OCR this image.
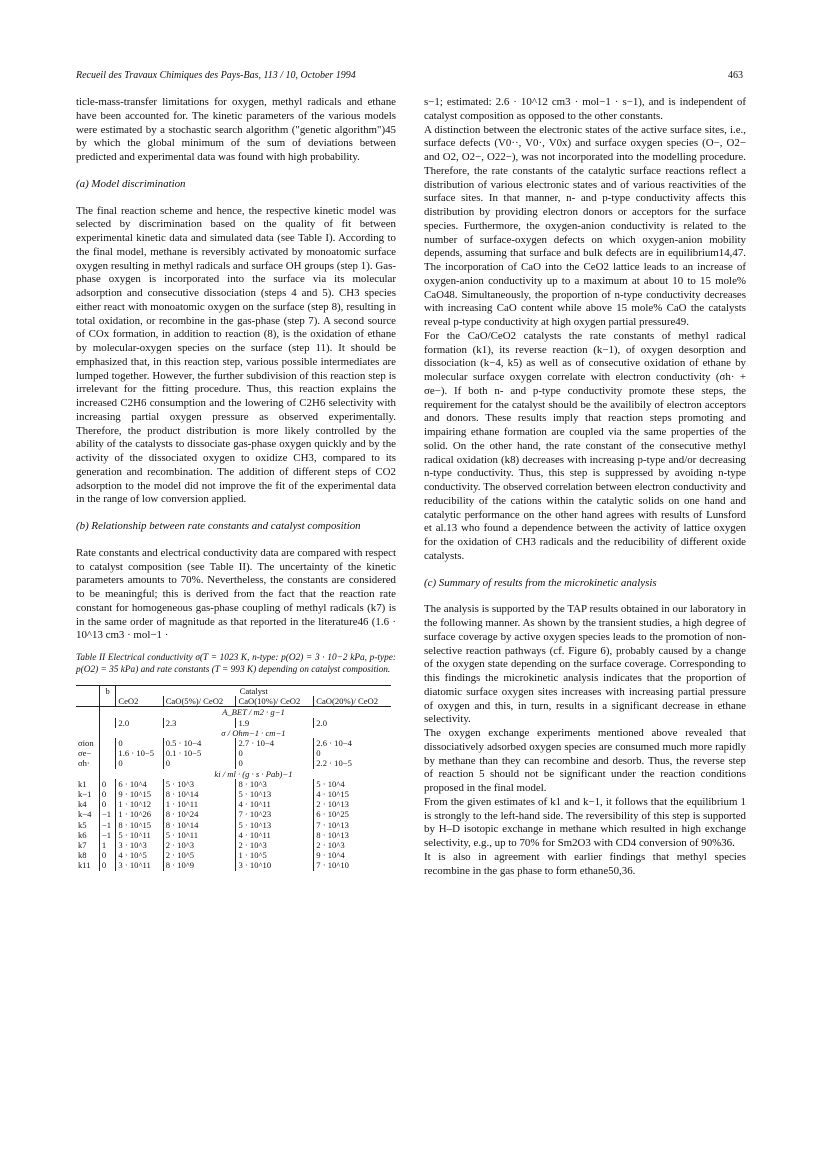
Recueil des Travaux Chimiques des Pays-Bas, 113 / 10, October 1994	463

ticle-mass-transfer limitations for oxygen, methyl radicals and ethane have been accounted for. The kinetic parameters of the various models were estimated by a stochastic search algorithm ("genetic algorithm")45 by which the global minimum of the sum of deviations between predicted and experimental data was found with high probability.

(a) Model discrimination

The final reaction scheme and hence, the respective kinetic model was selected by discrimination based on the quality of fit between experimental kinetic data and simulated data (see Table I). According to the final model, methane is reversibly activated by monoatomic surface oxygen resulting in methyl radicals and surface OH groups (step 1). Gas-phase oxygen is incorporated into the surface via its molecular adsorption and consecutive dissociation (steps 4 and 5). CH3 species either react with monoatomic oxygen on the surface (step 8), resulting in total oxidation, or recombine in the gas-phase (step 7). A second source of COx formation, in addition to reaction (8), is the oxidation of ethane by molecular-oxygen species on the surface (step 11). It should be emphasized that, in this reaction step, various possible intermediates are lumped together. However, the further subdivision of this reaction step is irrelevant for the fitting procedure. Thus, this reaction explains the increased C2H6 consumption and the lowering of C2H6 selectivity with increasing partial oxygen pressure as observed experimentally. Therefore, the product distribution is more likely controlled by the ability of the catalysts to dissociate gas-phase oxygen quickly and by the activity of the dissociated oxygen to oxidize CH3, compared to its generation and recombination. The addition of different steps of CO2 adsorption to the model did not improve the fit of the experimental data in the range of low conversion applied.

(b) Relationship between rate constants and catalyst composition

Rate constants and electrical conductivity data are compared with respect to catalyst composition (see Table II). The uncertainty of the kinetic parameters amounts to 70%. Nevertheless, the constants are considered to be meaningful; this is derived from the fact that the reaction rate constant for homogeneous gas-phase coupling of methyl radicals (k7) is in the same order of magnitude as that reported in the literature46 (1.6 · 10^13 cm3 · mol−1 ·

Table II Electrical conductivity σ(T = 1023 K, n-type: p(O2) = 3 · 10−2 kPa, p-type: p(O2) = 35 kPa) and rate constants (T = 993 K) depending on catalyst composition.

	b	Catalyst			
		CeO2	CaO(5%)/ CeO2	CaO(10%)/ CeO2	CaO(20%)/ CeO2
		A_BET / m2 · g−1			
		2.0	2.3	1.9	2.0
		σ / Ohm−1 · cm−1			
σion		0	0.5 · 10−4	2.7 · 10−4	2.6 · 10−4
σe−		1.6 · 10−5	0.1 · 10−5	0	0
σh·		0	0	0	2.2 · 10−5
		ki / ml · (g · s · Pab)−1			
k1	0	6 · 10^4	5 · 10^3	8 · 10^3	5 · 10^4
k−1	0	9 · 10^15	8 · 10^14	5 · 10^13	4 · 10^15
k4	0	1 · 10^12	1 · 10^11	4 · 10^11	2 · 10^13
k−4	−1	1 · 10^26	8 · 10^24	7 · 10^23	6 · 10^25
k5	−1	8 · 10^15	8 · 10^14	5 · 10^13	7 · 10^13
k6	−1	5 · 10^11	5 · 10^11	4 · 10^11	8 · 10^13
k7	1	3 · 10^3	2 · 10^3	2 · 10^3	2 · 10^3
k8	0	4 · 10^5	2 · 10^5	1 · 10^5	9 · 10^4
k11	0	3 · 10^11	8 · 10^9	3 · 10^10	7 · 10^10

s−1; estimated: 2.6 · 10^12 cm3 · mol−1 · s−1), and is independent of catalyst composition as opposed to the other constants.

A distinction between the electronic states of the active surface sites, i.e., surface defects (V0··, V0·, V0x) and surface oxygen species (O−, O2− and O2, O2−, O22−), was not incorporated into the modelling procedure. Therefore, the rate constants of the catalytic surface reactions reflect a distribution of various electronic states and of various reactivities of the surface sites. In that manner, n- and p-type conductivity affects this distribution by providing electron donors or acceptors for the surface species. Furthermore, the oxygen-anion conductivity is related to the number of surface-oxygen defects on which oxygen-anion mobility depends, assuming that surface and bulk defects are in equilibrium14,47. The incorporation of CaO into the CeO2 lattice leads to an increase of oxygen-anion conductivity up to a maximum at about 10 to 15 mole% CaO48. Simultaneously, the proportion of n-type conductivity decreases with increasing CaO content while above 15 mole% CaO the catalysts reveal p-type conductivity at high oxygen partial pressure49.

For the CaO/CeO2 catalysts the rate constants of methyl radical formation (k1), its reverse reaction (k−1), of oxygen desorption and dissociation (k−4, k5) as well as of consecutive oxidation of ethane by molecular surface oxygen correlate with electron conductivity (σh· + σe−). If both n- and p-type conductivity promote these steps, the requirement for the catalyst should be the availibily of electron acceptors and donors. These results imply that reaction steps promoting and impairing ethane formation are coupled via the same properties of the solid. On the other hand, the rate constant of the consecutive methyl radical oxidation (k8) decreases with increasing p-type and/or decreasing n-type conductivity. Thus, this step is suppressed by avoiding n-type conductivity. The observed correlation between electron conductivity and reducibility of the cations within the catalytic solids on one hand and catalytic performance on the other hand agrees with results of Lunsford et al.13 who found a dependence between the activity of lattice oxygen for the oxidation of CH3 radicals and the reducibility of different oxide catalysts.

(c) Summary of results from the microkinetic analysis

The analysis is supported by the TAP results obtained in our laboratory in the following manner. As shown by the transient studies, a high degree of surface coverage by active oxygen species leads to the promotion of non-selective reaction pathways (cf. Figure 6), probably caused by a change of the oxygen state depending on the surface coverage. Corresponding to this findings the microkinetic analysis indicates that the proportion of diatomic surface oxygen sites increases with increasing partial pressure of oxygen and this, in turn, results in a significant decrease in ethane selectivity.

The oxygen exchange experiments mentioned above revealed that dissociatively adsorbed oxygen species are consumed much more rapidly by methane than they can recombine and desorb. Thus, the reverse step of reaction 5 should not be significant under the reaction conditions proposed in the final model.

From the given estimates of k1 and k−1, it follows that the equilibrium 1 is strongly to the left-hand side. The reversibility of this step is supported by H–D isotopic exchange in methane which resulted in high exchange selectivity, e.g., up to 70% for Sm2O3 with CD4 conversion of 90%36.

It is also in agreement with earlier findings that methyl species recombine in the gas phase to form ethane50,36.
